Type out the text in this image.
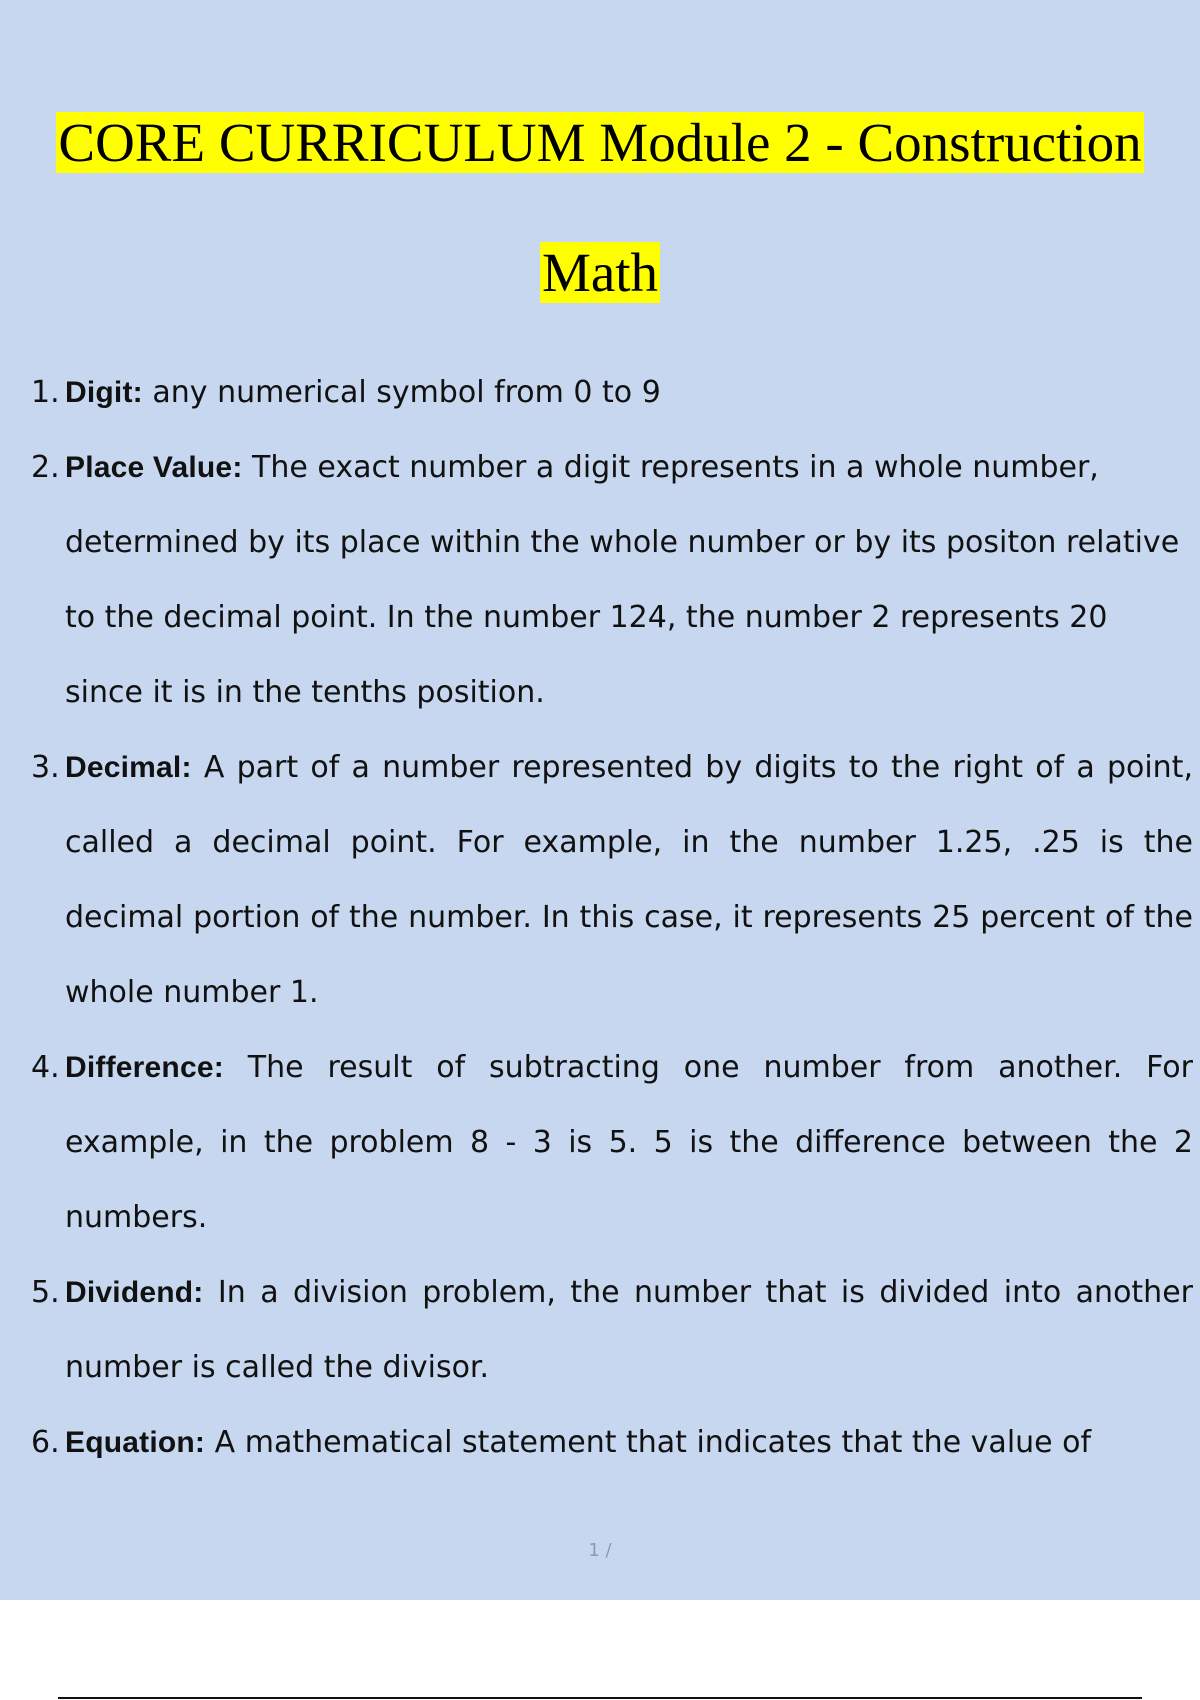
CORE CURRICULUM Module 2 - Construction
Math
1. Digit: any numerical symbol from 0 to 9
2. Place Value: The exact number a digit represents in a whole number, determined by its place within the whole number or by its positon relative to the decimal point. In the number 124, the number 2 represents 20 since it is in the tenths position.
3. Decimal: A part of a number represented by digits to the right of a point, called a decimal point. For example, in the number 1.25, .25 is the decimal portion of the number. In this case, it represents 25 percent of the whole number 1.
4. Difference: The result of subtracting one number from another. For example, in the problem 8 - 3 is 5. 5 is the difference between the 2 numbers.
5. Dividend: In a division problem, the number that is divided into another number is called the divisor.
6. Equation: A mathematical statement that indicates that the value of
1 /
